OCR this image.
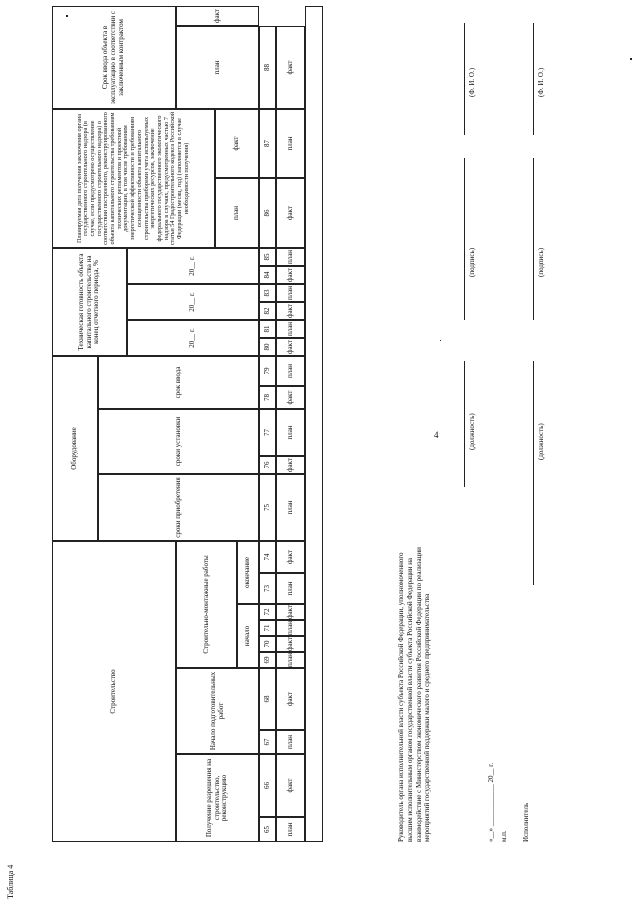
4
Таблица 4
Строительство
Оборудование
Техническая готовность объекта капитального строительства на конец отчетного периода, %
Планируемая дата получения заключения органа государственного строительного надзора (в случае, если предусмотрено осуществление государственного строительного надзора) о соответствии построенного, реконструированного объекта капитального строительства требованиям технических регламентов и проектной документации, в том числе требованиям энергетической эффективности и требованиям оснащенности объекта капитального строительства приборами учета используемых энергетических ресурсов, заключение федерального государственного экологического надзора в случаях, предусмотренных частью 7 статьи 54 Градостроительного кодекса Российской Федерации (месяц, год) (заполняется в случае необходимости получения)
Срок ввода объекта в эксплуатацию в соответствии с заключенным контрактом
Получение разрешения на строительство, реконструкцию
Начало подготовительных работ
Строительно-монтажные работы	начало
окончание
сроки приобретения
сроки установки
срок ввода
20__ г.
20__ г.
20__ г.
план
факт
план
факт
65
66
67
68
69
70
71
72
73
74
75
76
77
78
79
80
81
82
83
84
85
86
87
88
план
факт
план
факт
план
факт
план
факт
план
факт
план
факт
план
факт
план
факт
план
факт
план
факт
план
факт
план
факт
Руководитель органа исполнительной власти субъекта Российской Федерации, уполномоченного высшим исполнительным органом государственной власти субъекта Российской Федерации на взаимодействие с Министерством экономического развития Российской Федерации по реализации мероприятий государственной поддержки малого и среднего предпринимательства
(должность)
(подпись)
(Ф. И. О.)
«__» ____________ 20__ г. м.п. Исполнитель
(должность)
(подпись)
(Ф. И. О.)
